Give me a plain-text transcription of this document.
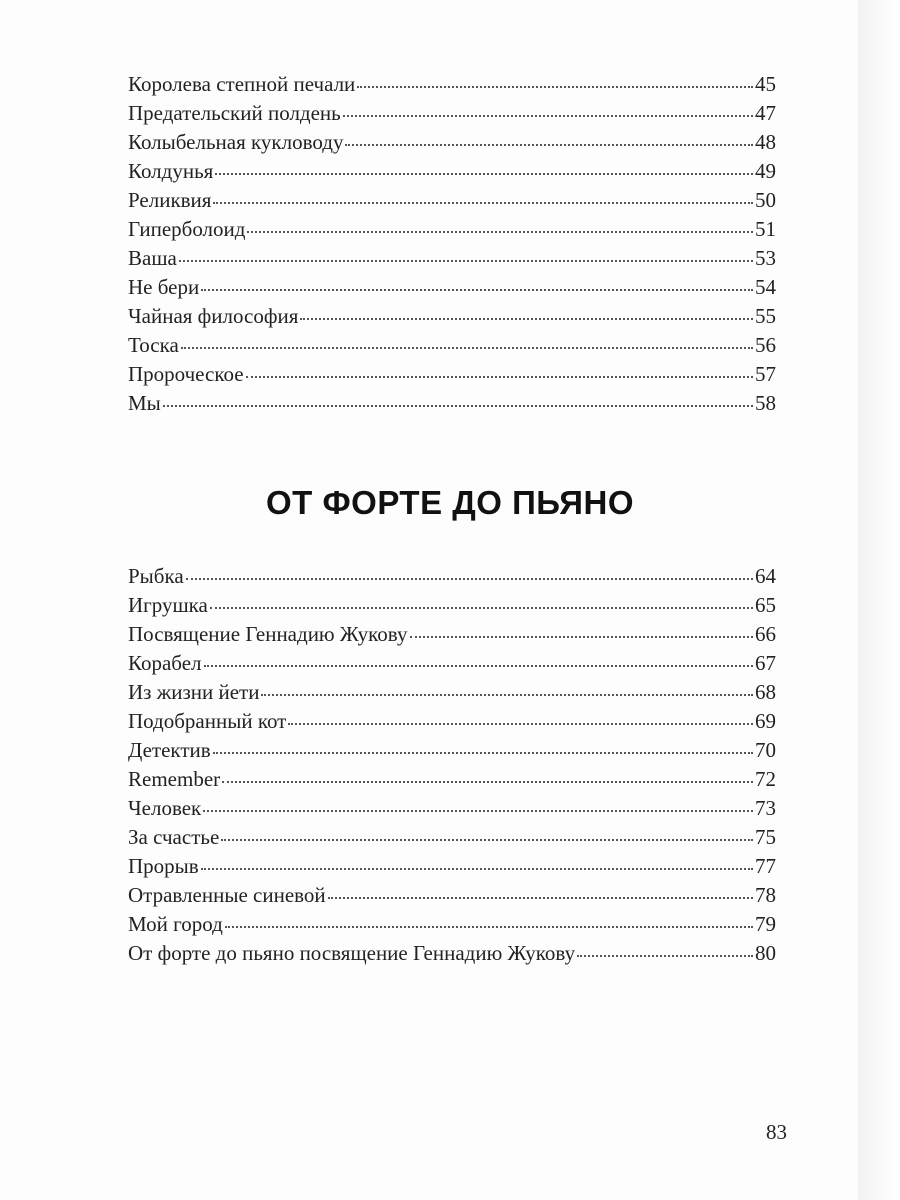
Королева степной печали	45
Предательский полдень	47
Колыбельная кукловоду	48
Колдунья	49
Реликвия	50
Гиперболоид	51
Ваша	53
Не бери	54
Чайная философия	55
Тоска	56
Пророческое	57
Мы	58
ОТ ФОРТЕ ДО ПЬЯНО
Рыбка	64
Игрушка	65
Посвящение Геннадию Жукову	66
Корабел	67
Из жизни йети	68
Подобранный кот	69
Детектив	70
Remember	72
Человек	73
За счастье	75
Прорыв	77
Отравленные синевой	78
Мой город	79
От форте до пьяно посвящение Геннадию Жукову	80
83
